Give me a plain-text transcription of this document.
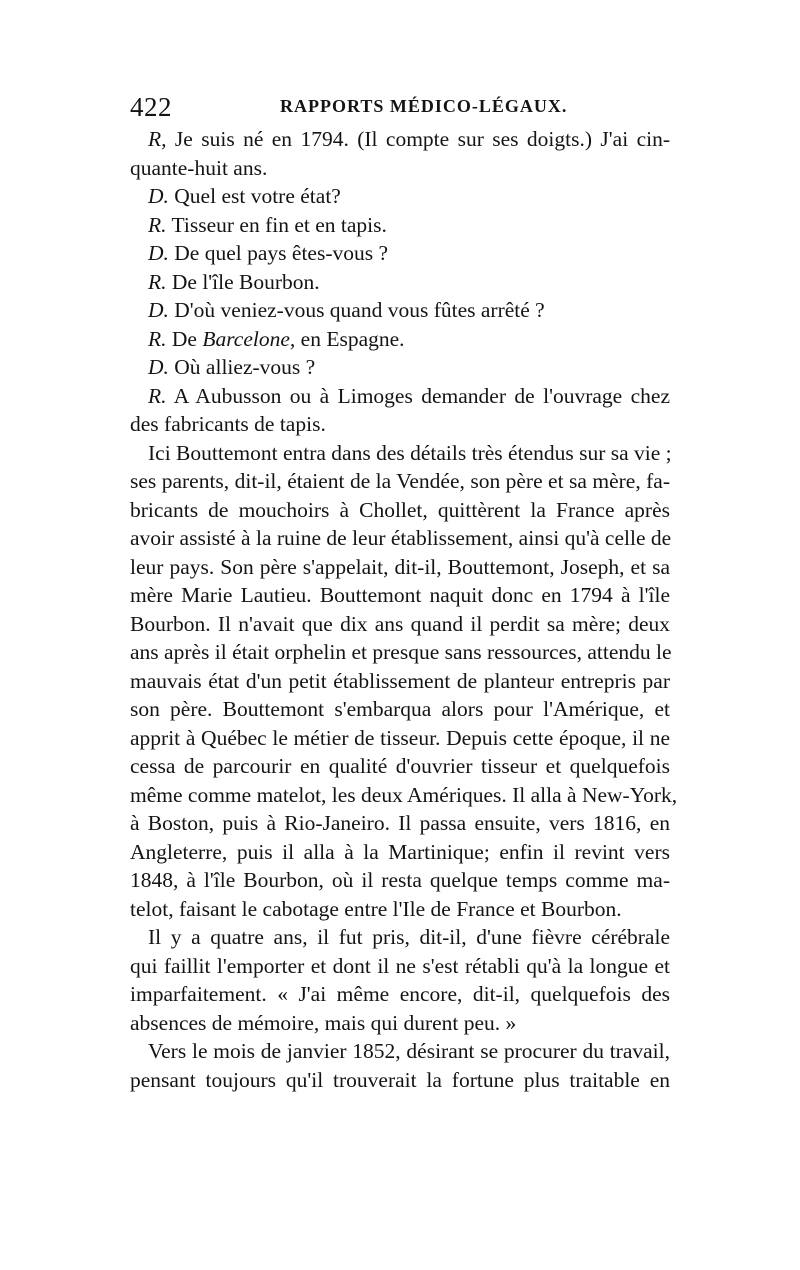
422	RAPPORTS MÉDICO-LÉGAUX.
R, Je suis né en 1794. (Il compte sur ses doigts.) J'ai cin-
quante-huit ans.
D. Quel est votre état?
R. Tisseur en fin et en tapis.
D. De quel pays êtes-vous ?
R. De l'île Bourbon.
D. D'où veniez-vous quand vous fûtes arrêté ?
R. De Barcelone, en Espagne.
D. Où alliez-vous ?
R. A Aubusson ou à Limoges demander de l'ouvrage chez
des fabricants de tapis.
Ici Bouttemont entra dans des détails très étendus sur sa vie ;
ses parents, dit-il, étaient de la Vendée, son père et sa mère, fa-
bricants de mouchoirs à Chollet, quittèrent la France après
avoir assisté à la ruine de leur établissement, ainsi qu'à celle de
leur pays. Son père s'appelait, dit-il, Bouttemont, Joseph, et sa
mère Marie Lautieu. Bouttemont naquit donc en 1794 à l'île
Bourbon. Il n'avait que dix ans quand il perdit sa mère; deux
ans après il était orphelin et presque sans ressources, attendu le
mauvais état d'un petit établissement de planteur entrepris par
son père. Bouttemont s'embarqua alors pour l'Amérique, et
apprit à Québec le métier de tisseur. Depuis cette époque, il ne
cessa de parcourir en qualité d'ouvrier tisseur et quelquefois
même comme matelot, les deux Amériques. Il alla à New-York,
à Boston, puis à Rio-Janeiro. Il passa ensuite, vers 1816, en
Angleterre, puis il alla à la Martinique; enfin il revint vers
1848, à l'île Bourbon, où il resta quelque temps comme ma-
telot, faisant le cabotage entre l'Ile de France et Bourbon.
Il y a quatre ans, il fut pris, dit-il, d'une fièvre cérébrale
qui faillit l'emporter et dont il ne s'est rétabli qu'à la longue et
imparfaitement. « J'ai même encore, dit-il, quelquefois des
absences de mémoire, mais qui durent peu. »
Vers le mois de janvier 1852, désirant se procurer du travail,
pensant toujours qu'il trouverait la fortune plus traitable en
